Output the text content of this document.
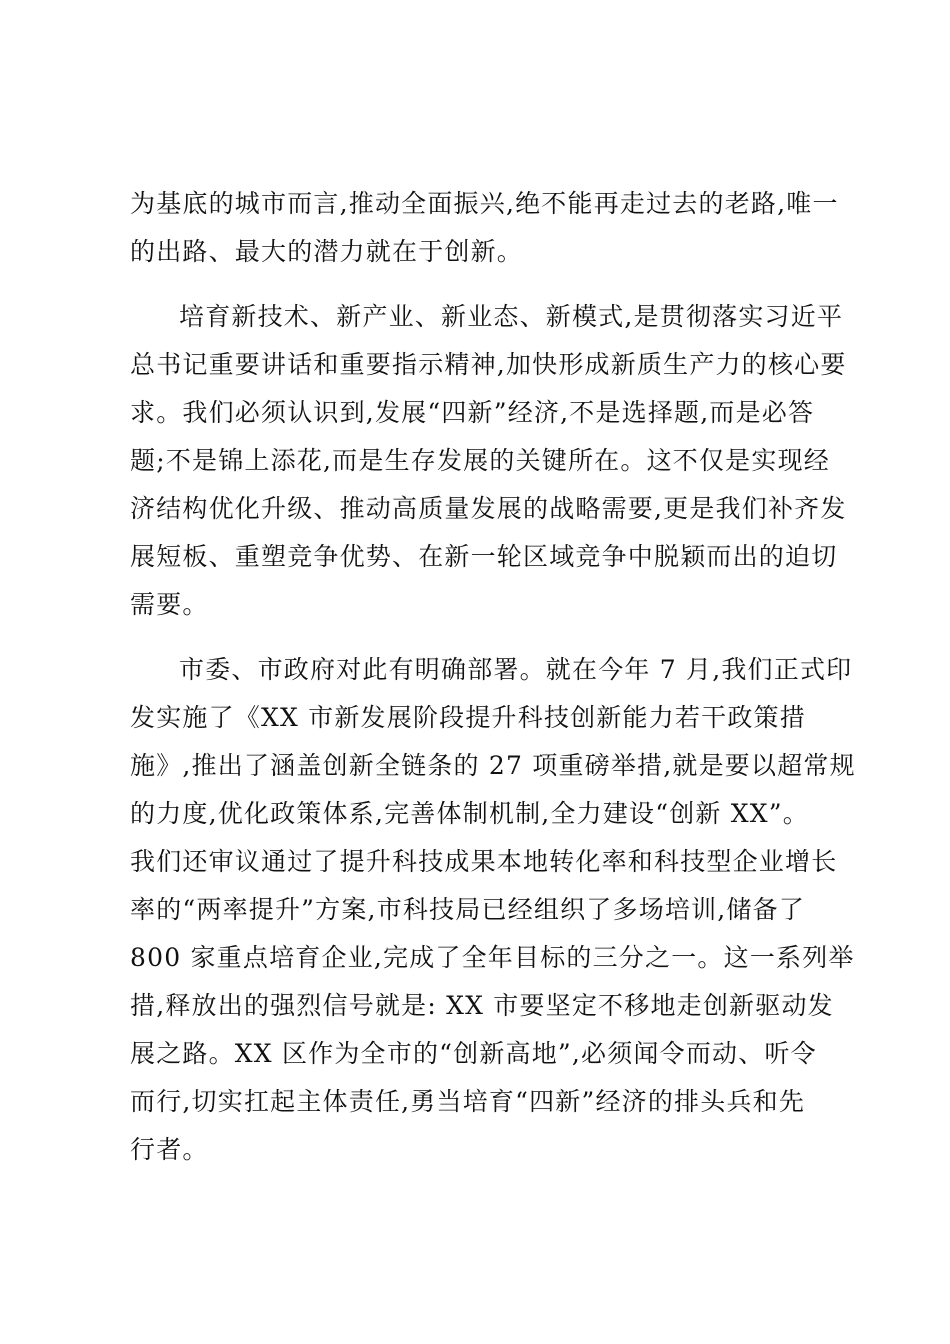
为基底的城市而言,推动全面振兴,绝不能再走过去的老路,唯一
的出路、最大的潜力就在于创新。
培育新技术、新产业、新业态、新模式,是贯彻落实习近平
总书记重要讲话和重要指示精神,加快形成新质生产力的核心要
求。我们必须认识到,发展“四新”经济,不是选择题,而是必答
题;不是锦上添花,而是生存发展的关键所在。这不仅是实现经
济结构优化升级、推动高质量发展的战略需要,更是我们补齐发
展短板、重塑竞争优势、在新一轮区域竞争中脱颖而出的迫切
需要。
市委、市政府对此有明确部署。就在今年 7 月,我们正式印
发实施了《XX 市新发展阶段提升科技创新能力若干政策措
施》,推出了涵盖创新全链条的 27 项重磅举措,就是要以超常规
的力度,优化政策体系,完善体制机制,全力建设“创新 XX”。
我们还审议通过了提升科技成果本地转化率和科技型企业增长
率的“两率提升”方案,市科技局已经组织了多场培训,储备了
800 家重点培育企业,完成了全年目标的三分之一。这一系列举
措,释放出的强烈信号就是: XX 市要坚定不移地走创新驱动发
展之路。XX 区作为全市的“创新高地”,必须闻令而动、听令
而行,切实扛起主体责任,勇当培育“四新”经济的排头兵和先
行者。
